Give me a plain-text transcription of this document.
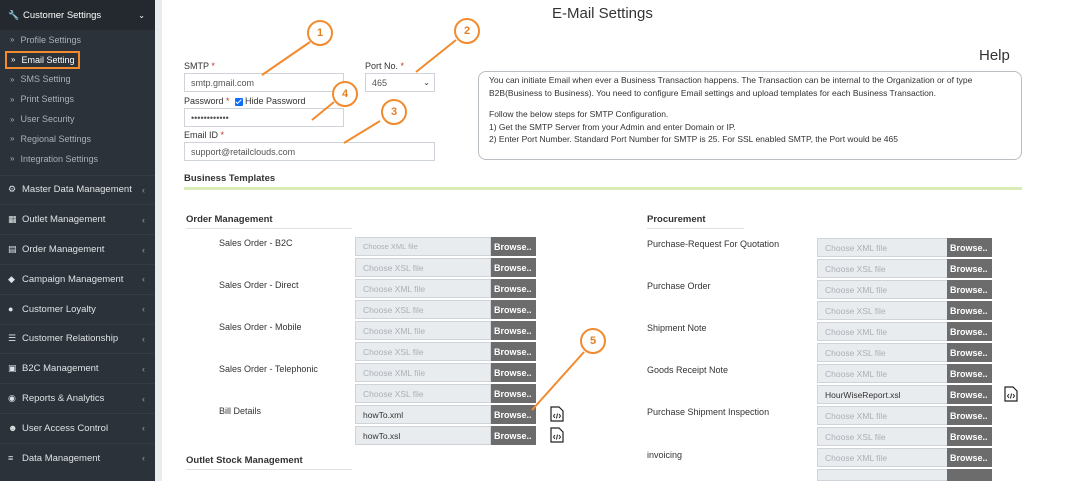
🔧 Customer Settings	⌄
» Profile Settings
» Email Setting
» SMS Setting
» Print Settings
» User Security
» Regional Settings
» Integration Settings
⚙ Master Data Management ‹
▦ Outlet Management	‹
▤ Order Management	‹
◆ Campaign Management ‹
● Customer Loyalty	‹
☰ Customer Relationship	‹
▣ B2C Management	‹
◉ Reports & Analytics	‹
☻ User Access Control	‹
≡ Data Management	‹
E-Mail Settings
SMTP *
smtp.gmail.com
Port No. *
465	⌄
Password *	Hide Password
••••••••••••
Email ID *
support@retailclouds.com
Help

You can initiate Email when ever a Business Transaction happens. The Transaction can be internal to the Organization or of type

B2B(Business to Business). You need to configure Email settings and upload templates for each Business Transaction.

Follow the below steps for SMTP Configuration.

1) Get the SMTP Server from your Admin and enter Domain or IP.

2) Enter Port Number. Standard Port Number for SMTP is 25. For SSL enabled SMTP, the Port would be 465

Business Templates
Order Management	Procurement
Sales Order - B2C	Choose XML file	Browse..
Choose XSL file	Browse..
Sales Order - Direct	Choose XML file	Browse..
Choose XSL file	Browse..
Sales Order - Mobile	Choose XML file	Browse..
Choose XSL file	Browse..
Sales Order - Telephonic	Choose XML file	Browse..
Choose XSL file	Browse..
Bill Details	howTo.xml	Browse..
howTo.xsl	Browse..
Outlet Stock Management
Purchase-Request For Quotation	Choose XML file	Browse..
Choose XSL file	Browse..
Purchase Order	Choose XML file	Browse..
Choose XSL file	Browse..
Shipment Note	Choose XML file	Browse..
Choose XSL file	Browse..
Goods Receipt Note	Choose XML file	Browse..
HourWiseReport.xsl	Browse..
Purchase Shipment Inspection	Choose XML file	Browse..
Choose XSL file	Browse..
invoicing	Choose XML file	Browse..
1	2
3
4
5
